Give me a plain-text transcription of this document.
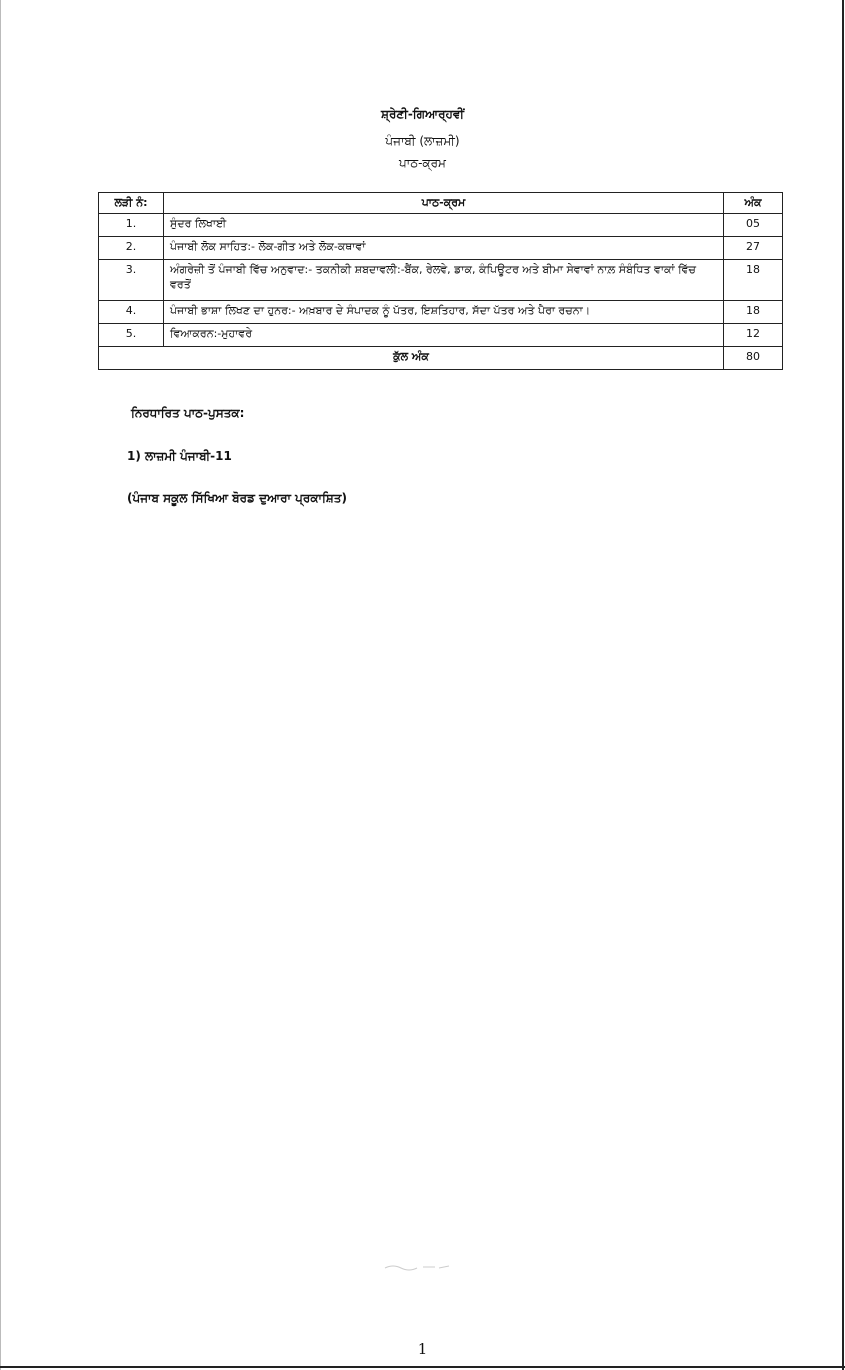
ਸ਼੍ਰੇਣੀ-ਗਿਆਰ੍ਹਵੀਂ
ਪੰਜਾਬੀ (ਲਾਜ਼ਮੀ)
ਪਾਠ-ਕ੍ਰਮ
ਲੜੀ ਨੰ:	ਪਾਠ-ਕ੍ਰਮ	ਅੰਕ
1.	ਸੁੰਦਰ ਲਿਖਾਈ	05
2.	ਪੰਜਾਬੀ ਲੋਕ ਸਾਹਿਤ:- ਲੋਕ-ਗੀਤ ਅਤੇ ਲੋਕ-ਕਥਾਵਾਂ	27
3.	ਅੰਗਰੇਜ਼ੀ ਤੋਂ ਪੰਜਾਬੀ ਵਿੱਚ ਅਨੁਵਾਦ:- ਤਕਨੀਕੀ ਸ਼ਬਦਾਵਲੀ:-ਬੈਂਕ, ਰੇਲਵੇ, ਡਾਕ, ਕੰਪਿਊਟਰ ਅਤੇ ਬੀਮਾ ਸੇਵਾਵਾਂ ਨਾਲ਼ ਸੰਬੰਧਿਤ ਵਾਕਾਂ ਵਿੱਚ ਵਰਤੋਂ	18
4.	ਪੰਜਾਬੀ ਭਾਸ਼ਾ ਲਿਖਣ ਦਾ ਹੁਨਰ:- ਅਖ਼ਬਾਰ ਦੇ ਸੰਪਾਦਕ ਨੂੰ ਪੱਤਰ, ਇਸ਼ਤਿਹਾਰ, ਸੱਦਾ ਪੱਤਰ ਅਤੇ ਪੈਰਾ ਰਚਨਾ।	18
5.	ਵਿਆਕਰਨ:-ਮੁਹਾਵਰੇ	12
ਕੁੱਲ ਅੰਕ		80
ਨਿਰਧਾਰਿਤ ਪਾਠ-ਪੁਸਤਕ:
1) ਲਾਜ਼ਮੀ ਪੰਜਾਬੀ-11
(ਪੰਜਾਬ ਸਕੂਲ ਸਿੱਖਿਆ ਬੋਰਡ ਦੁਆਰਾ ਪ੍ਰਕਾਸ਼ਿਤ)
1
